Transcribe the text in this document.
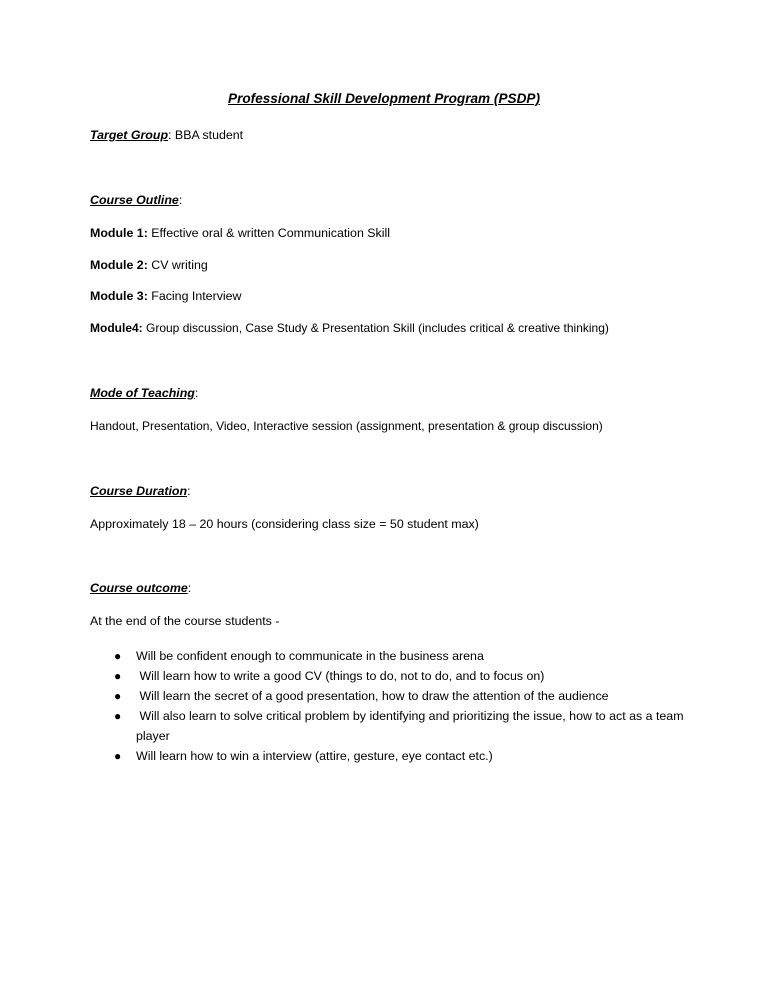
Professional Skill Development Program (PSDP)
Target Group: BBA student
Course Outline:
Module 1: Effective oral & written Communication Skill
Module 2: CV writing
Module 3: Facing Interview
Module4: Group discussion, Case Study & Presentation Skill (includes critical & creative thinking)
Mode of Teaching:
Handout, Presentation, Video, Interactive session (assignment, presentation & group discussion)
Course Duration:
Approximately 18 – 20 hours (considering class size = 50 student max)
Course outcome:
At the end of the course students -
● Will be confident enough to communicate in the business arena
● Will learn how to write a good CV (things to do, not to do, and to focus on)
● Will learn the secret of a good presentation, how to draw the attention of the audience
● Will also learn to solve critical problem by identifying and prioritizing the issue, how to act as a team player
● Will learn how to win a interview (attire, gesture, eye contact etc.)
